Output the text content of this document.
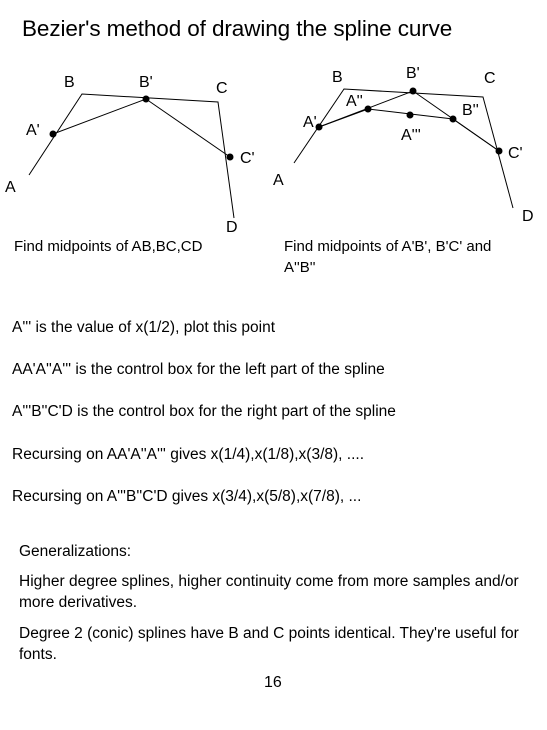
Bezier's method of drawing the spline curve
A
B	B'	C
A'
C'
D
A
B	B'	C
A''
B''
A'
A'''
C'
D
Find midpoints of AB,BC,CD	Find midpoints of A'B', B'C' and A''B''
A''' is the value of x(1/2), plot this point
AA'A''A''' is the control box for the left part of the spline
A'''B''C'D is the control box for the right part of the spline
Recursing on AA'A''A''' gives x(1/4),x(1/8),x(3/8), ....
Recursing on A'''B''C'D gives x(3/4),x(5/8),x(7/8), ...
Generalizations:
Higher degree splines, higher continuity come from more samples and/or more derivatives.
Degree 2 (conic) splines have B and C points identical. They're useful for fonts.
16
